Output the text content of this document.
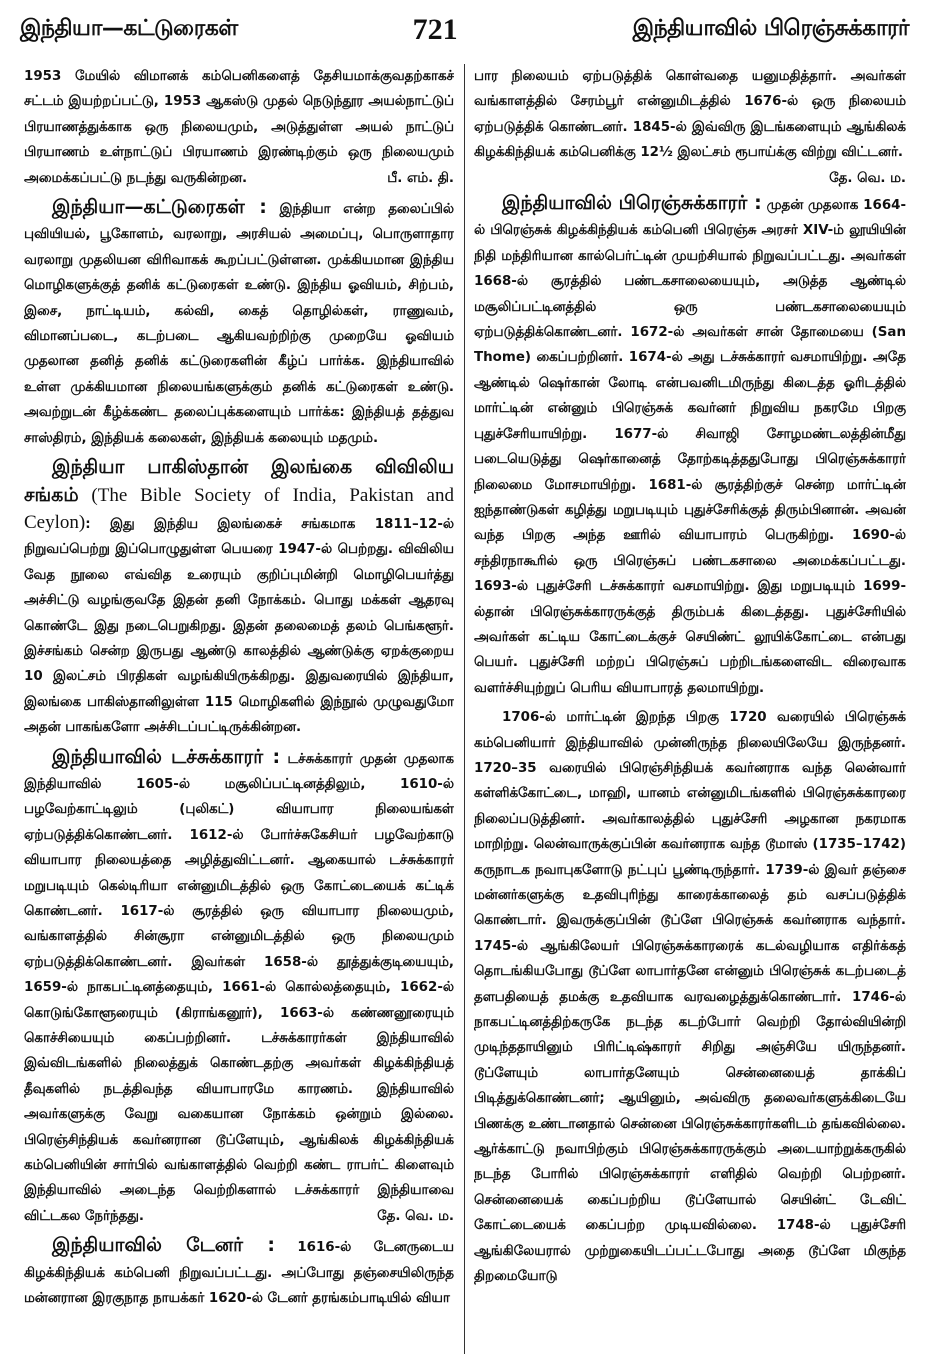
இந்தியா—கட்டுரைகள்	721	இந்தியாவில் பிரெஞ்சுக்காரர்

1953 மேயில் விமானக் கம்பெனிகளைத் தேசியமாக்குவதற்காகச் சட்டம் இயற்றப்பட்டு, 1953 ஆகஸ்டு முதல் நெடுந்தூர அயல்நாட்டுப் பிரயாணத்துக்காக ஒரு நிலையமும், அடுத்துள்ள அயல் நாட்டுப் பிரயாணம் உள்நாட்டுப் பிரயாணம் இரண்டிற்கும் ஒரு நிலையமும் அமைக்கப்பட்டு நடந்து வருகின்றன.	பீ. எம். தி.

இந்தியா—கட்டுரைகள் : இந்தியா என்ற தலைப்பில் புவியியல், பூகோளம், வரலாறு, அரசியல் அமைப்பு, பொருளாதார வரலாறு முதலியன விரிவாகக் கூறப்பட்டுள்ளன. முக்கியமான இந்திய மொழிகளுக்குத் தனிக் கட்டுரைகள் உண்டு. இந்திய ஓவியம், சிற்பம், இசை, நாட்டியம், கல்வி, கைத் தொழில்கள், ராணுவம், விமானப்படை, கடற்படை ஆகியவற்றிற்கு முறையே ஓவியம் முதலான தனித் தனிக் கட்டுரைகளின் கீழ்ப் பார்க்க. இந்தியாவில் உள்ள முக்கியமான நிலையங்களுக்கும் தனிக் கட்டுரைகள் உண்டு. அவற்றுடன் கீழ்க்கண்ட தலைப்புக்களையும் பார்க்க: இந்தியத் தத்துவ சாஸ்திரம், இந்தியக் கலைகள், இந்தியக் கலையும் மதமும்.

இந்தியா பாகிஸ்தான் இலங்கை விவிலிய சங்கம் (The Bible Society of India, Pakistan and Ceylon): இது இந்திய இலங்கைச் சங்கமாக 1811–12-ல் நிறுவப்பெற்று இப்பொழுதுள்ள பெயரை 1947-ல் பெற்றது. விவிலிய வேத நூலை எவ்வித உரையும் குறிப்புமின்றி மொழிபெயர்த்து அச்சிட்டு வழங்குவதே இதன் தனி நோக்கம். பொது மக்கள் ஆதரவு கொண்டே இது நடைபெறுகிறது. இதன் தலைமைத் தலம் பெங்களூர். இச்சங்கம் சென்ற இருபது ஆண்டு காலத்தில் ஆண்டுக்கு ஏறக்குறைய 10 இலட்சம் பிரதிகள் வழங்கியிருக்கிறது. இதுவரையில் இந்தியா, இலங்கை பாகிஸ்தானிலுள்ள 115 மொழிகளில் இந்நூல் முழுவதுமோ அதன் பாகங்களோ அச்சிடப்பட்டிருக்கின்றன.

இந்தியாவில் டச்சுக்காரர் : டச்சுக்காரர் முதன் முதலாக இந்தியாவில் 1605-ல் மசூலிப்பட்டினத்திலும், 1610-ல் பழவேற்காட்டிலும் (புலிகட்) வியாபார நிலையங்கள் ஏற்படுத்திக்கொண்டனர். 1612-ல் போர்ச்சுகேசியர் பழவேற்காடு வியாபார நிலையத்தை அழித்துவிட்டனர். ஆகையால் டச்சுக்காரர் மறுபடியும் கெல்டிரியா என்னுமிடத்தில் ஒரு கோட்டையைக் கட்டிக் கொண்டனர். 1617-ல் சூரத்தில் ஒரு வியாபார நிலையமும், வங்காளத்தில் சின்சூரா என்னுமிடத்தில் ஒரு நிலையமும் ஏற்படுத்திக்கொண்டனர். இவர்கள் 1658-ல் தூத்துக்குடியையும், 1659-ல் நாகபட்டினத்தையும், 1661-ல் கொல்லத்தையும், 1662-ல் கொடுங்கோளூரையும் (கிராங்கனூர்), 1663-ல் கண்ணனூரையும் கொச்சியையும் கைப்பற்றினர். டச்சுக்காரர்கள் இந்தியாவில் இவ்விடங்களில் நிலைத்துக் கொண்டதற்கு அவர்கள் கிழக்கிந்தியத் தீவுகளில் நடத்திவந்த வியாபாரமே காரணம். இந்தியாவில் அவர்களுக்கு வேறு வகையான நோக்கம் ஒன்றும் இல்லை. பிரெஞ்சிந்தியக் கவர்னரான டூப்ளேயும், ஆங்கிலக் கிழக்கிந்தியக் கம்பெனியின் சார்பில் வங்காளத்தில் வெற்றி கண்ட ராபர்ட் கிளைவும் இந்தியாவில் அடைந்த வெற்றிகளால் டச்சுக்காரர் இந்தியாவை விட்டகல நேர்ந்தது.	தே. வெ. ம.

இந்தியாவில் டேனர் : 1616-ல் டேனருடைய கிழக்கிந்தியக் கம்பெனி நிறுவப்பட்டது. அப்போது தஞ்சையிலிருந்த மன்னரான இரகுநாத நாயக்கர் 1620-ல் டேனர் தரங்கம்பாடியில் வியா

பார நிலையம் ஏற்படுத்திக் கொள்வதை யனுமதித்தார். அவர்கள் வங்காளத்தில் சேரம்பூர் என்னுமிடத்தில் 1676-ல் ஒரு நிலையம் ஏற்படுத்திக் கொண்டனர். 1845-ல் இவ்விரு இடங்களையும் ஆங்கிலக் கிழக்கிந்தியக் கம்பெனிக்கு 12½ இலட்சம் ரூபாய்க்கு விற்று விட்டனர்.
தே. வெ. ம.

இந்தியாவில் பிரெஞ்சுக்காரர் : முதன் முதலாக 1664-ல் பிரெஞ்சுக் கிழக்கிந்தியக் கம்பெனி பிரெஞ்சு அரசர் XIV-ம் லூயியின் நிதி மந்திரியான கால்பெர்ட்டின் முயற்சியால் நிறுவப்பட்டது. அவர்கள் 1668-ல் சூரத்தில் பண்டகசாலையையும், அடுத்த ஆண்டில் மசூலிப்பட்டினத்தில் ஒரு பண்டகசாலையையும் ஏற்படுத்திக்கொண்டனர். 1672-ல் அவர்கள் சான் தோமையை (San Thome) கைப்பற்றினர். 1674-ல் அது டச்சுக்காரர் வசமாயிற்று. அதே ஆண்டில் ஷெர்கான் லோடி என்பவனிடமிருந்து கிடைத்த ஓரிடத்தில் மார்ட்டின் என்னும் பிரெஞ்சுக் கவர்னர் நிறுவிய நகரமே பிறகு புதுச்சேரியாயிற்று. 1677-ல் சிவாஜி சோழமண்டலத்தின்மீது படையெடுத்து ஷெர்கானைத் தோற்கடித்ததுபோது பிரெஞ்சுக்காரர் நிலைமை மோசமாயிற்று. 1681-ல் சூரத்திற்குச் சென்ற மார்ட்டின் ஐந்தாண்டுகள் கழித்து மறுபடியும் புதுச்சேரிக்குத் திரும்பினான். அவன் வந்த பிறகு அந்த ஊரில் வியாபாரம் பெருகிற்று. 1690-ல் சந்திரநாகூரில் ஒரு பிரெஞ்சுப் பண்டகசாலை அமைக்கப்பட்டது. 1693-ல் புதுச்சேரி டச்சுக்காரர் வசமாயிற்று. இது மறுபடியும் 1699-ல்தான் பிரெஞ்சுக்காரருக்குத் திரும்பக் கிடைத்தது. புதுச்சேரியில் அவர்கள் கட்டிய கோட்டைக்குச் செயிண்ட் லூயிக்கோட்டை என்பது பெயர். புதுச்சேரி மற்றப் பிரெஞ்சுப் பற்றிடங்களைவிட விரைவாக வளர்ச்சியுற்றுப் பெரிய வியாபாரத் தலமாயிற்று.

1706-ல் மார்ட்டின் இறந்த பிறகு 1720 வரையில் பிரெஞ்சுக் கம்பெனியார் இந்தியாவில் முன்னிருந்த நிலையிலேயே இருந்தனர். 1720–35 வரையில் பிரெஞ்சிந்தியக் கவர்னராக வந்த லென்வார் கள்ளிக்கோட்டை, மாஹி, யானம் என்னுமிடங்களில் பிரெஞ்சுக்காரரை நிலைப்படுத்தினர். அவர்காலத்தில் புதுச்சேரி அழகான நகரமாக மாறிற்று. லென்வாருக்குப்பின் கவர்னராக வந்த டூமாஸ் (1735–1742) கருநாடக நவாபுகளோடு நட்புப் பூண்டிருந்தார். 1739-ல் இவர் தஞ்சை மன்னர்களுக்கு உதவிபுரிந்து காரைக்காலைத் தம் வசப்படுத்திக் கொண்டார். இவருக்குப்பின் டூப்ளே பிரெஞ்சுக் கவர்னராக வந்தார். 1745-ல் ஆங்கிலேயர் பிரெஞ்சுக்காரரைக் கடல்வழியாக எதிர்க்கத் தொடங்கியபோது டூப்ளே லாபார்தனே என்னும் பிரெஞ்சுக் கடற்படைத் தளபதியைத் தமக்கு உதவியாக வரவழைத்துக்கொண்டார். 1746-ல் நாகபட்டினத்திற்கருகே நடந்த கடற்போர் வெற்றி தோல்வியின்றி முடிந்ததாயினும் பிரிட்டிஷ்காரர் சிறிது அஞ்சியே யிருந்தனர். டூப்ளேயும் லாபார்தனேயும் சென்னையைத் தாக்கிப் பிடித்துக்கொண்டனர்; ஆயினும், அவ்விரு தலைவர்களுக்கிடையே பிணக்கு உண்டானதால் சென்னை பிரெஞ்சுக்காரர்களிடம் தங்கவில்லை. ஆர்க்காட்டு நவாபிற்கும் பிரெஞ்சுக்காரருக்கும் அடையாற்றுக்கருகில் நடந்த போரில் பிரெஞ்சுக்காரர் எளிதில் வெற்றி பெற்றனர். சென்னையைக் கைப்பற்றிய டூப்ளேயால் செயின்ட் டேவிட் கோட்டையைக் கைப்பற்ற முடியவில்லை. 1748-ல் புதுச்சேரி ஆங்கிலேயரால் முற்றுகையிடப்பட்டபோது அதை டூப்ளே மிகுந்த திறமையோடு
